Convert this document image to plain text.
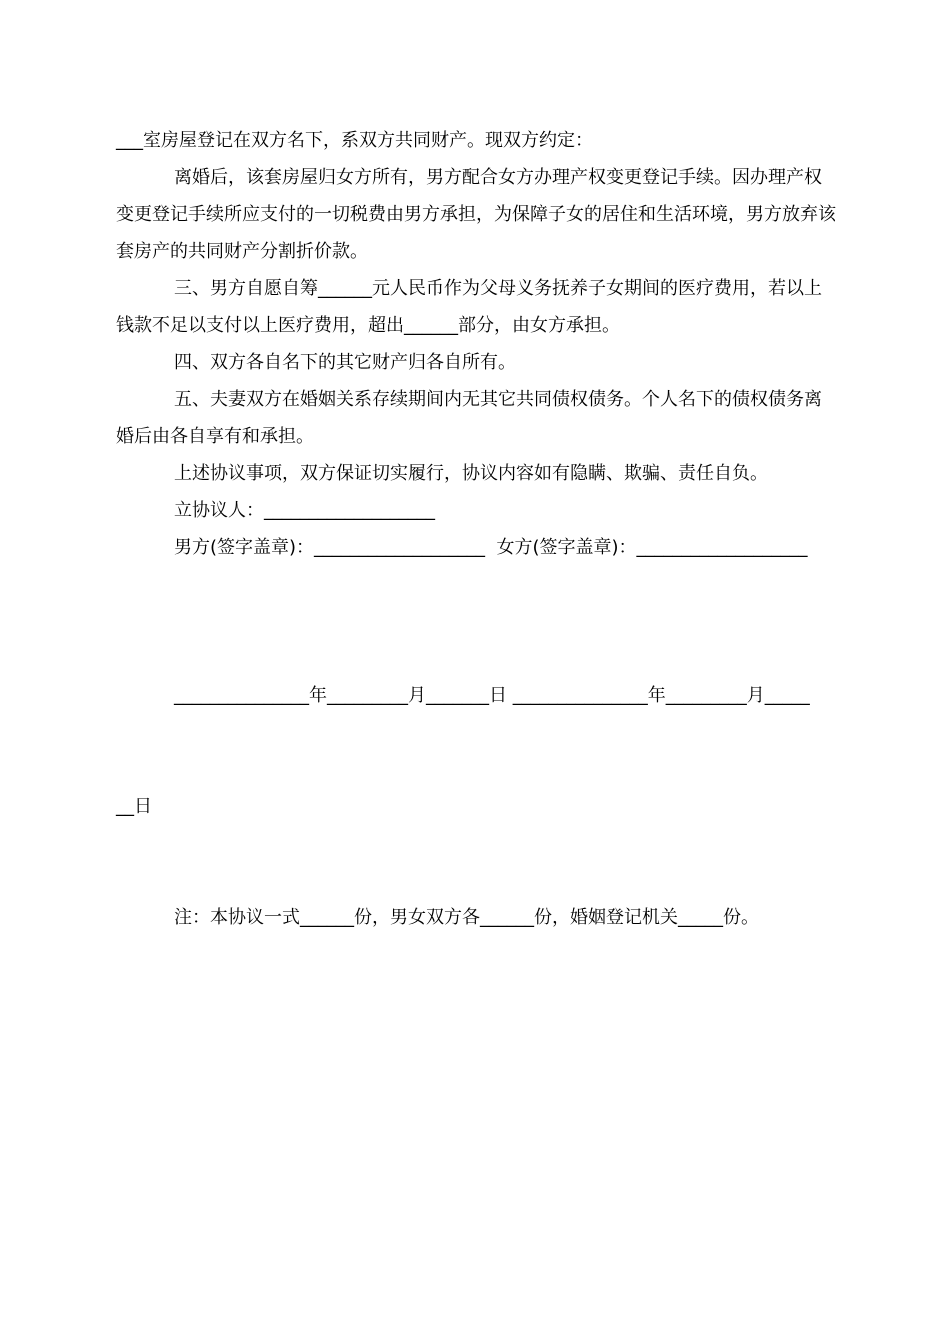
___室房屋登记在双方名下，系双方共同财产。现双方约定：

离婚后，该套房屋归女方所有，男方配合女方办理产权变更登记手续。因办理产权变更登记手续所应支付的一切税费由男方承担，为保障子女的居住和生活环境，男方放弃该套房产的共同财产分割折价款。

三、男方自愿自筹______元人民币作为父母义务抚养子女期间的医疗费用，若以上钱款不足以支付以上医疗费用，超出______部分，由女方承担。

四、双方各自名下的其它财产归各自所有。

五、夫妻双方在婚姻关系存续期间内无其它共同债权债务。个人名下的债权债务离婚后由各自享有和承担。

上述协议事项，双方保证切实履行，协议内容如有隐瞒、欺骗、责任自负。

立协议人：___________________

男方(签字盖章)：___________________  女方(签字盖章)：___________________

_______________年_________月_______日 _______________年_________月_____

__日

注：本协议一式______份，男女双方各______份，婚姻登记机关_____份。
